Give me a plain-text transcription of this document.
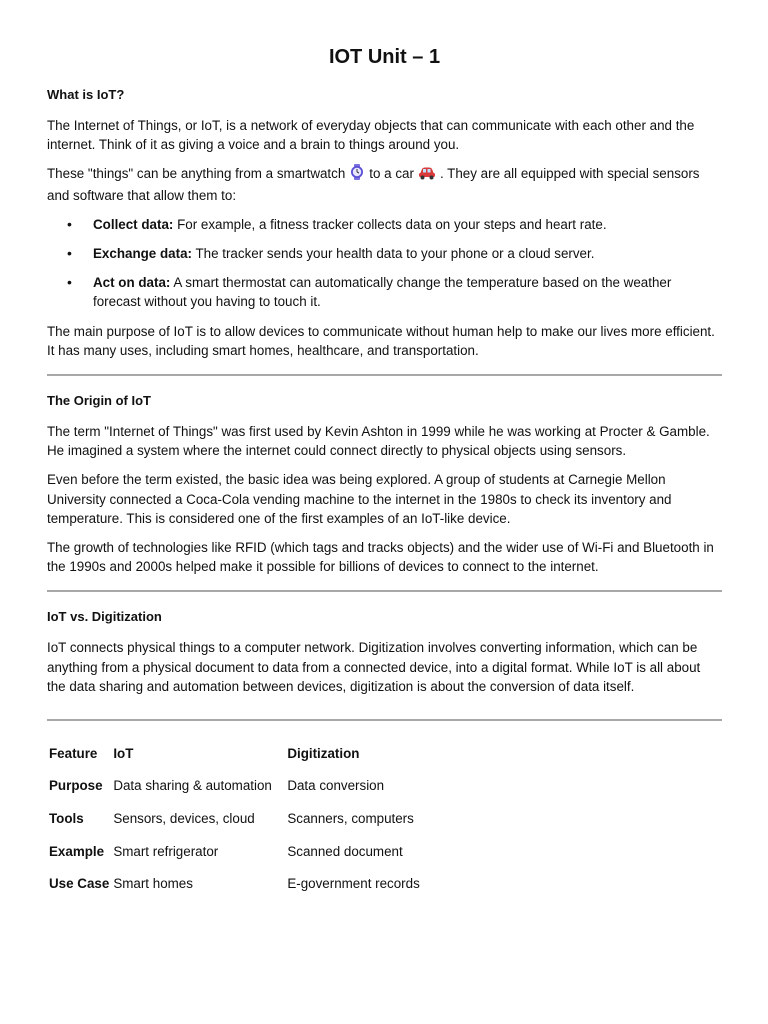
IOT Unit – 1
What is IoT?

The Internet of Things, or IoT, is a network of everyday objects that can communicate with each other and the internet. Think of it as giving a voice and a brain to things around you.

These "things" can be anything from a smartwatch to a car . They are all equipped with special sensors and software that allow them to:

• Collect data: For example, a fitness tracker collects data on your steps and heart rate.
• Exchange data: The tracker sends your health data to your phone or a cloud server.
• Act on data: A smart thermostat can automatically change the temperature based on the weather forecast without you having to touch it.

The main purpose of IoT is to allow devices to communicate without human help to make our lives more efficient. It has many uses, including smart homes, healthcare, and transportation.

The Origin of IoT

The term "Internet of Things" was first used by Kevin Ashton in 1999 while he was working at Procter & Gamble. He imagined a system where the internet could connect directly to physical objects using sensors.

Even before the term existed, the basic idea was being explored. A group of students at Carnegie Mellon University connected a Coca-Cola vending machine to the internet in the 1980s to check its inventory and temperature. This is considered one of the first examples of an IoT-like device.

The growth of technologies like RFID (which tags and tracks objects) and the wider use of Wi-Fi and Bluetooth in the 1990s and 2000s helped make it possible for billions of devices to connect to the internet.

IoT vs. Digitization

IoT connects physical things to a computer network. Digitization involves converting information, which can be anything from a physical document to data from a connected device, into a digital format. While IoT is all about the data sharing and automation between devices, digitization is about the conversion of data itself.

Feature	IoT	Digitization
Purpose	Data sharing & automation	Data conversion
Tools	Sensors, devices, cloud	Scanners, computers
Example	Smart refrigerator	Scanned document
Use Case	Smart homes	E-government records
